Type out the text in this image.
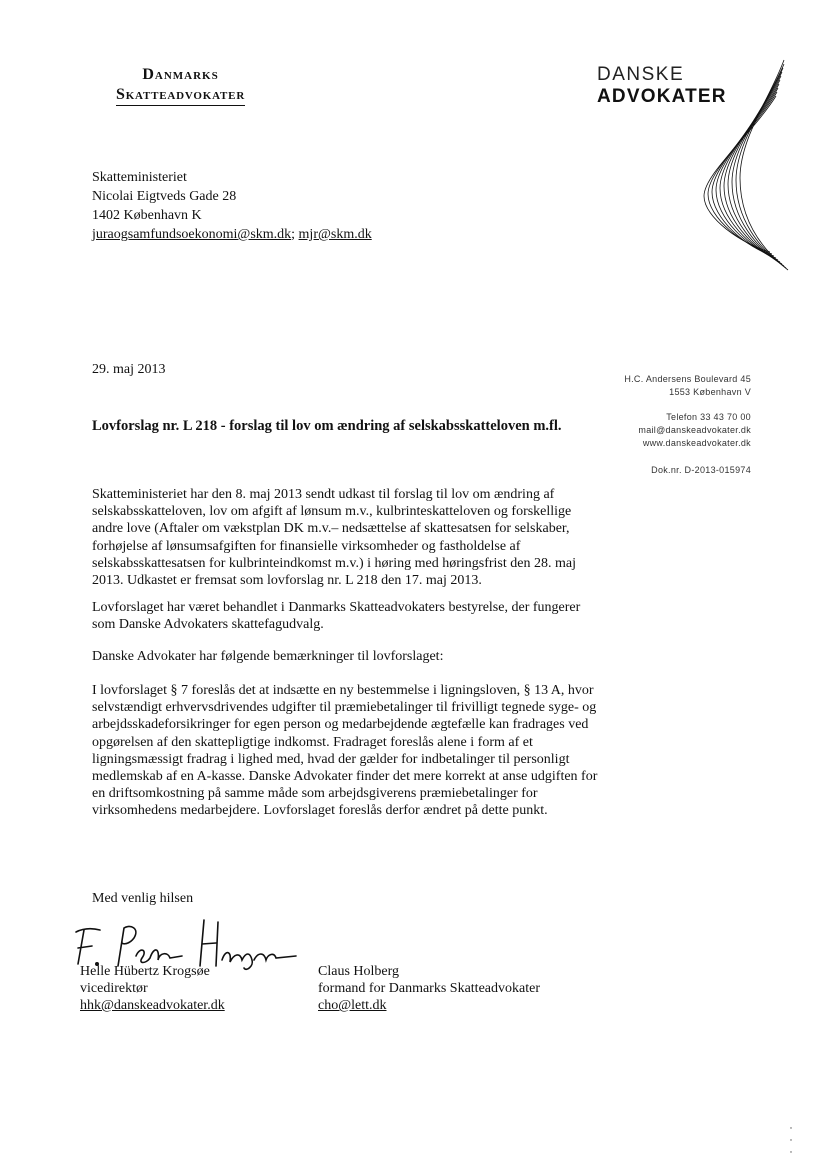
Danmarks
Skatteadvokater
DANSKE
ADVOKATER
Skatteministeriet
Nicolai Eigtveds Gade 28
1402 København K
juraogsamfundsoekonomi@skm.dk; mjr@skm.dk
29. maj 2013
H.C. Andersens Boulevard 45
1553 København V
Telefon 33 43 70 00
mail@danskeadvokater.dk
www.danskeadvokater.dk
Dok.nr. D-2013-015974
Lovforslag nr. L 218 - forslag til lov om ændring af selskabsskatteloven m.fl.
Skatteministeriet har den 8. maj 2013 sendt udkast til forslag til lov om ændring af selskabsskatteloven, lov om afgift af lønsum m.v., kulbrinteskatteloven og forskellige andre love (Aftaler om vækstplan DK m.v.– nedsættelse af skattesatsen for selskaber, forhøjelse af lønsumsafgiften for finansielle virksomheder og fastholdelse af selskabsskattesatsen for kulbrinteindkomst m.v.) i høring med høringsfrist den 28. maj 2013. Udkastet er fremsat som lovforslag nr. L 218 den 17. maj 2013.
Lovforslaget har været behandlet i Danmarks Skatteadvokaters bestyrelse, der fungerer som Danske Advokaters skattefagudvalg.
Danske Advokater har følgende bemærkninger til lovforslaget:
I lovforslaget § 7 foreslås det at indsætte en ny bestemmelse i ligningsloven, § 13 A, hvor selvstændigt erhvervsdrivendes udgifter til præmiebetalinger til frivilligt tegnede syge- og arbejdsskadeforsikringer for egen person og medarbejdende ægtefælle kan fradrages ved opgørelsen af den skattepligtige indkomst. Fradraget foreslås alene i form af et ligningsmæssigt fradrag i lighed med, hvad der gælder for indbetalinger til personligt medlemskab af en A-kasse. Danske Advokater finder det mere korrekt at anse udgiften for en driftsomkostning på samme måde som arbejdsgiverens præmiebetalinger for virksomhedens medarbejdere. Lovforslaget foreslås derfor ændret på dette punkt.
Med venlig hilsen
Helle Hübertz Krogsøe
vicedirektør
hhk@danskeadvokater.dk
Claus Holberg
formand for Danmarks Skatteadvokater
cho@lett.dk
